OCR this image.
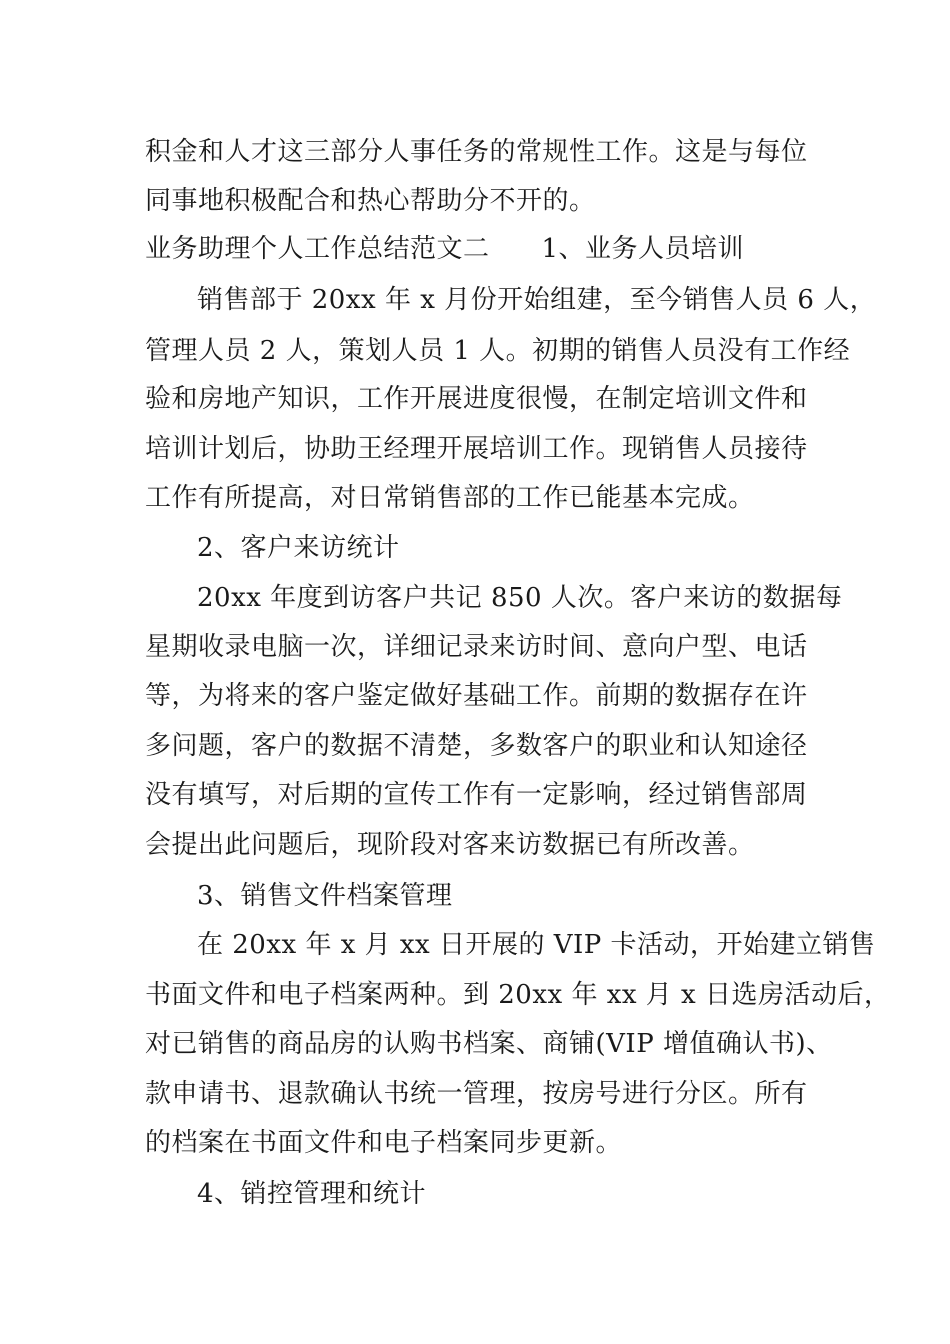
积金和人才这三部分人事任务的常规性工作。这是与每位
同事地积极配合和热心帮助分不开的。
业务助理个人工作总结范文二 1、业务人员培训
销售部于 20xx 年 x 月份开始组建，至今销售人员 6 人，
管理人员 2 人，策划人员 1 人。初期的销售人员没有工作经
验和房地产知识，工作开展进度很慢，在制定培训文件和
培训计划后，协助王经理开展培训工作。现销售人员接待
工作有所提高，对日常销售部的工作已能基本完成。
2、客户来访统计
20xx 年度到访客户共记 850 人次。客户来访的数据每
星期收录电脑一次，详细记录来访时间、意向户型、电话
等，为将来的客户鉴定做好基础工作。前期的数据存在许
多问题，客户的数据不清楚，多数客户的职业和认知途径
没有填写，对后期的宣传工作有一定影响，经过销售部周
会提出此问题后，现阶段对客来访数据已有所改善。
3、销售文件档案管理
在 20xx 年 x 月 xx 日开展的 VIP 卡活动，开始建立销售
书面文件和电子档案两种。到 20xx 年 xx 月 x 日选房活动后，
对已销售的商品房的认购书档案、商铺(VIP 增值确认书)、
款申请书、退款确认书统一管理，按房号进行分区。所有
的档案在书面文件和电子档案同步更新。
4、销控管理和统计
